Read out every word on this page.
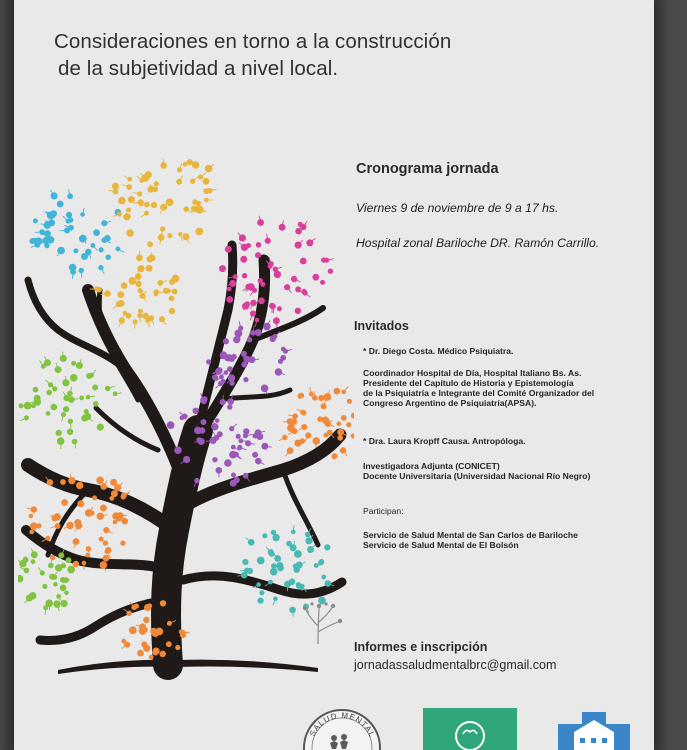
Consideraciones en torno a la construcción
de la subjetividad a nivel local.
Cronograma jornada
Viernes 9 de noviembre de 9 a 17 hs.
Hospital zonal Bariloche DR. Ramón Carrillo.
Invitados

* Dr. Diego Costa. Médico Psiquiatra.

Coordinador Hospital de Día, Hospital Italiano Bs. As.

Presidente del Capítulo de Historia y Epistemología

de la Psiquiatría e Integrante del Comité Organizador del

Congreso Argentino de Psiquiatría(APSA).

* Dra. Laura Kropff Causa. Antropóloga.

Investigadora Adjunta (CONICET)

Docente Universitaria (Universidad Nacional Río Negro)

Participan:

Servicio de Salud Mental de San Carlos de Bariloche

Servicio de Salud Mental de El Bolsón

Informes e inscripción
jornadassaludmentalbrc@gmail.com
SALUD MENTAL
